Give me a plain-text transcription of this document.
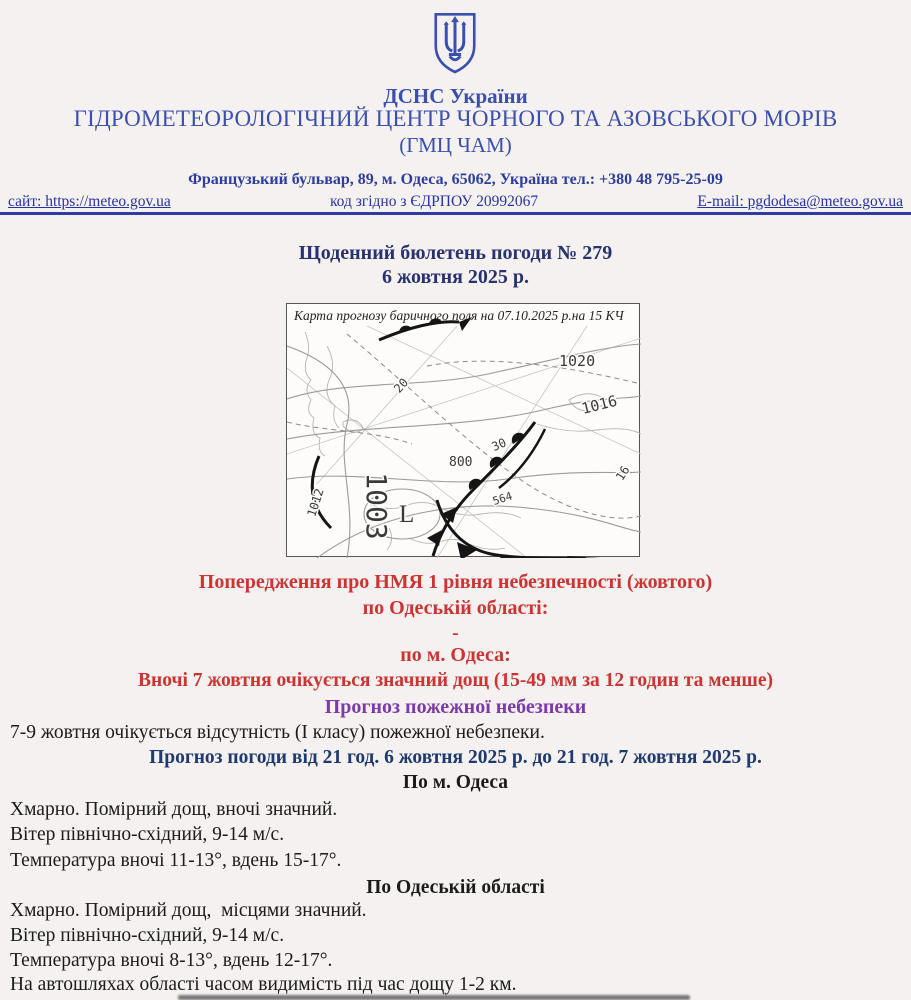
ДСНС України
ГІДРОМЕТЕОРОЛОГІЧНИЙ ЦЕНТР ЧОРНОГО ТА АЗОВСЬКОГО МОРІВ
(ГМЦ ЧАМ)
Французький бульвар, 89, м. Одеса, 65062, Україна тел.: +380 48 795-25-09
сайт: https://meteo.gov.ua	код згідно з ЄДРПОУ 20992067	E-mail: pgdodesa@meteo.gov.ua
Щоденний бюлетень погоди № 279
6 жовтня 2025 р.
1020
1016
1012
20
30
800
564
16
1003 L
Карта прогнозу баричного поля на 07.10.2025 р.на 15 КЧ
Попередження про НМЯ 1 рівня небезпечності (жовтого)
по Одеській області:
-
по м. Одеса:
Вночі 7 жовтня очікується значний дощ (15-49 мм за 12 годин та менше)
Прогноз пожежної небезпеки
7-9 жовтня очікується відсутність (І класу) пожежної небезпеки.
Прогноз погоди від 21 год. 6 жовтня 2025 р. до 21 год. 7 жовтня 2025 р.
По м. Одеса
Хмарно. Помірний дощ, вночі значний.
Вітер північно-східний, 9-14 м/с.
Температура вночі 11-13°, вдень 15-17°.
По Одеській області
Хмарно. Помірний дощ,  місцями значний.
Вітер північно-східний, 9-14 м/с.
Температура вночі 8-13°, вдень 12-17°.
На автошляхах області часом видимість під час дощу 1-2 км.
